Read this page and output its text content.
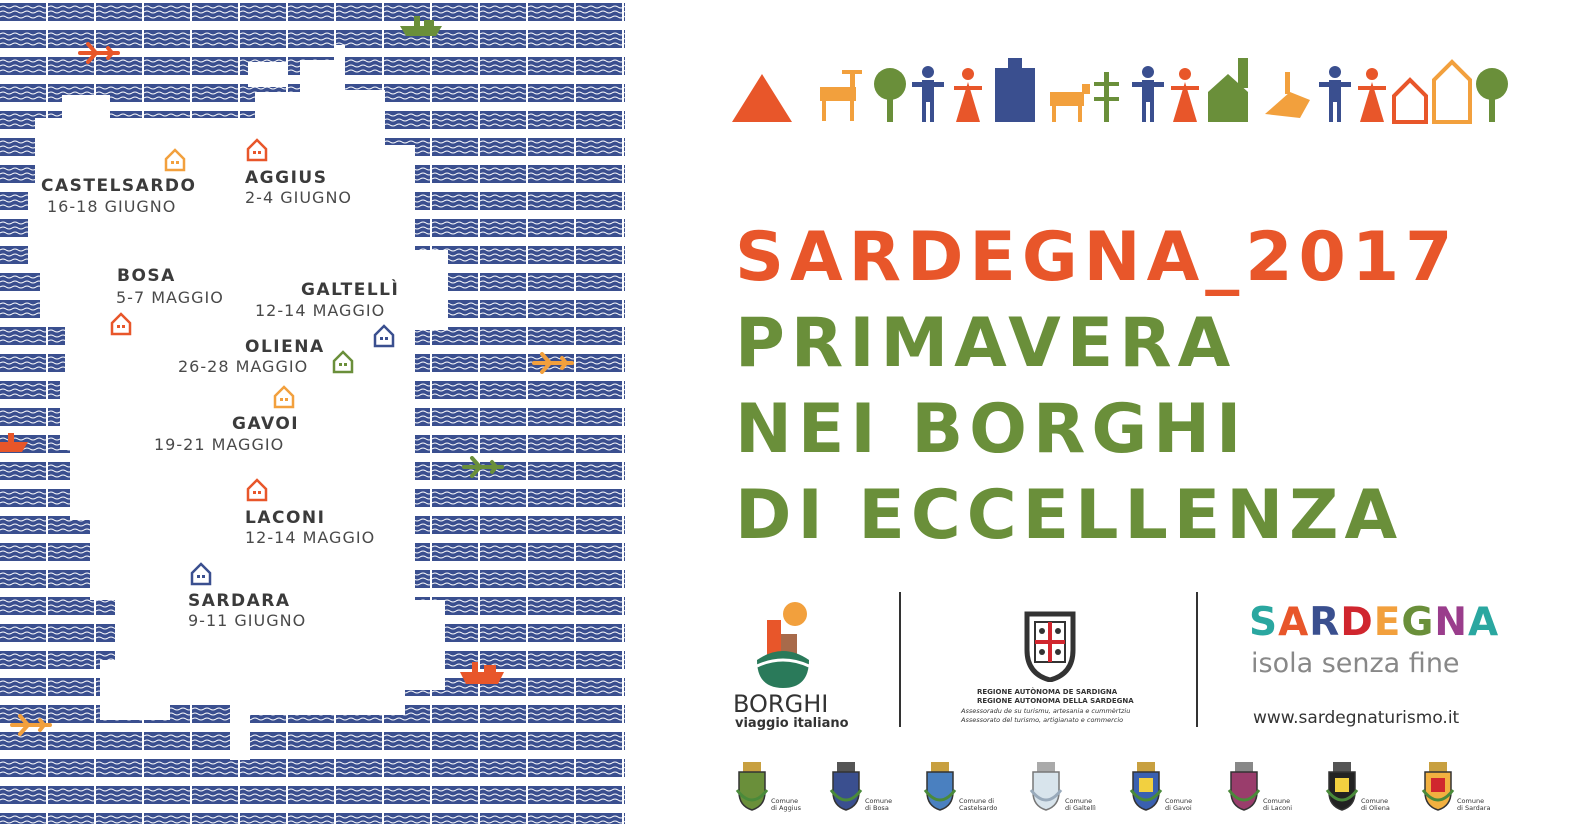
CASTELSARDO
16-18 GIUGNO
AGGIUS
2-4 GIUGNO
BOSA
5-7 MAGGIO	GALTELLÌ
12-14 MAGGIO
OLIENA
26-28 MAGGIO
GAVOI
19-21 MAGGIO
LACONI
12-14 MAGGIO
SARDARA
9-11 GIUGNO
SARDEGNA_2017
PRIMAVERA
NEI BORGHI
DI ECCELLENZA
BORGHI
viaggio italiano
REGIONE AUTÒNOMA DE SARDIGNA
REGIONE AUTONOMA DELLA SARDEGNA
Assessoradu de su turismu, artesania e cummèrtziu
Assessorato del turismo, artigianato e commercio
SARDEGNA
isola senza fine
www.sardegnaturismo.it
Comune
di Aggius
Comune
di Bosa
Comune di
Castelsardo
Comune
di Galtellì
Comune
di Gavoi
Comune
di Laconi
Comune
di Oliena
Comune
di Sardara
